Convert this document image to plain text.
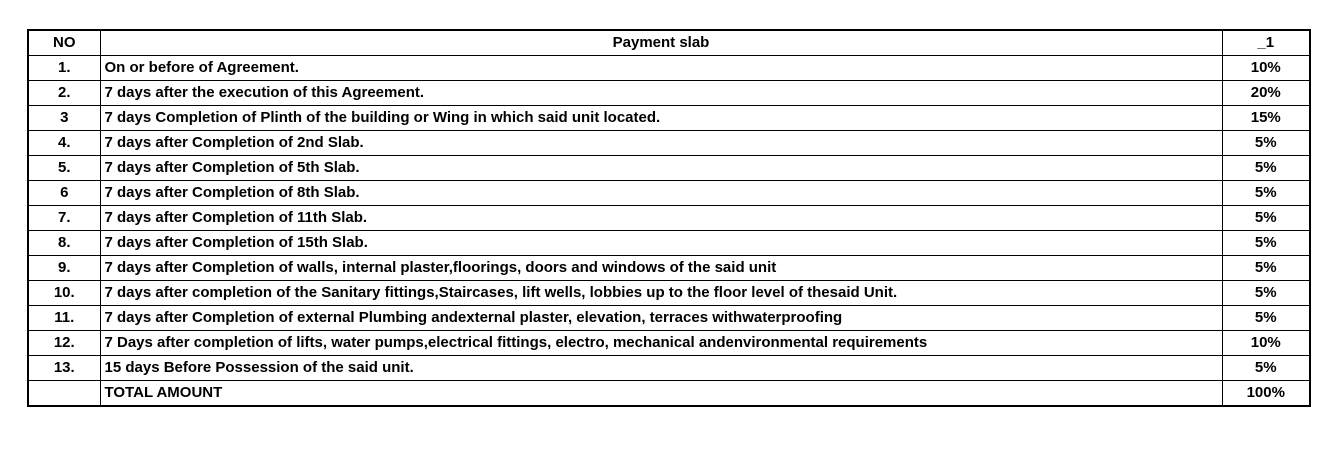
NO	Payment slab	_1
1.	On or before of Agreement.	10%
2.	7 days after the execution of this Agreement.	20%
3	7 days Completion of Plinth of the building or Wing in which said unit located.	15%
4.	7 days after Completion of 2nd Slab.	5%
5.	7 days after Completion of 5th Slab.	5%
6	7 days after Completion of 8th Slab.	5%
7.	7 days after Completion of 11th Slab.	5%
8.	7 days after Completion of 15th Slab.	5%
9.	7 days after Completion of walls, internal plaster,floorings, doors and windows of the said unit	5%
10.	7 days after completion of the Sanitary fittings,Staircases, lift wells, lobbies up to the floor level of thesaid Unit.	5%
11.	7 days after Completion of external Plumbing andexternal plaster, elevation, terraces withwaterproofing	5%
12.	7 Days after completion of lifts, water pumps,electrical fittings, electro, mechanical andenvironmental requirements	10%
13.	15 days Before Possession of the said unit.	5%
	TOTAL AMOUNT	100%
